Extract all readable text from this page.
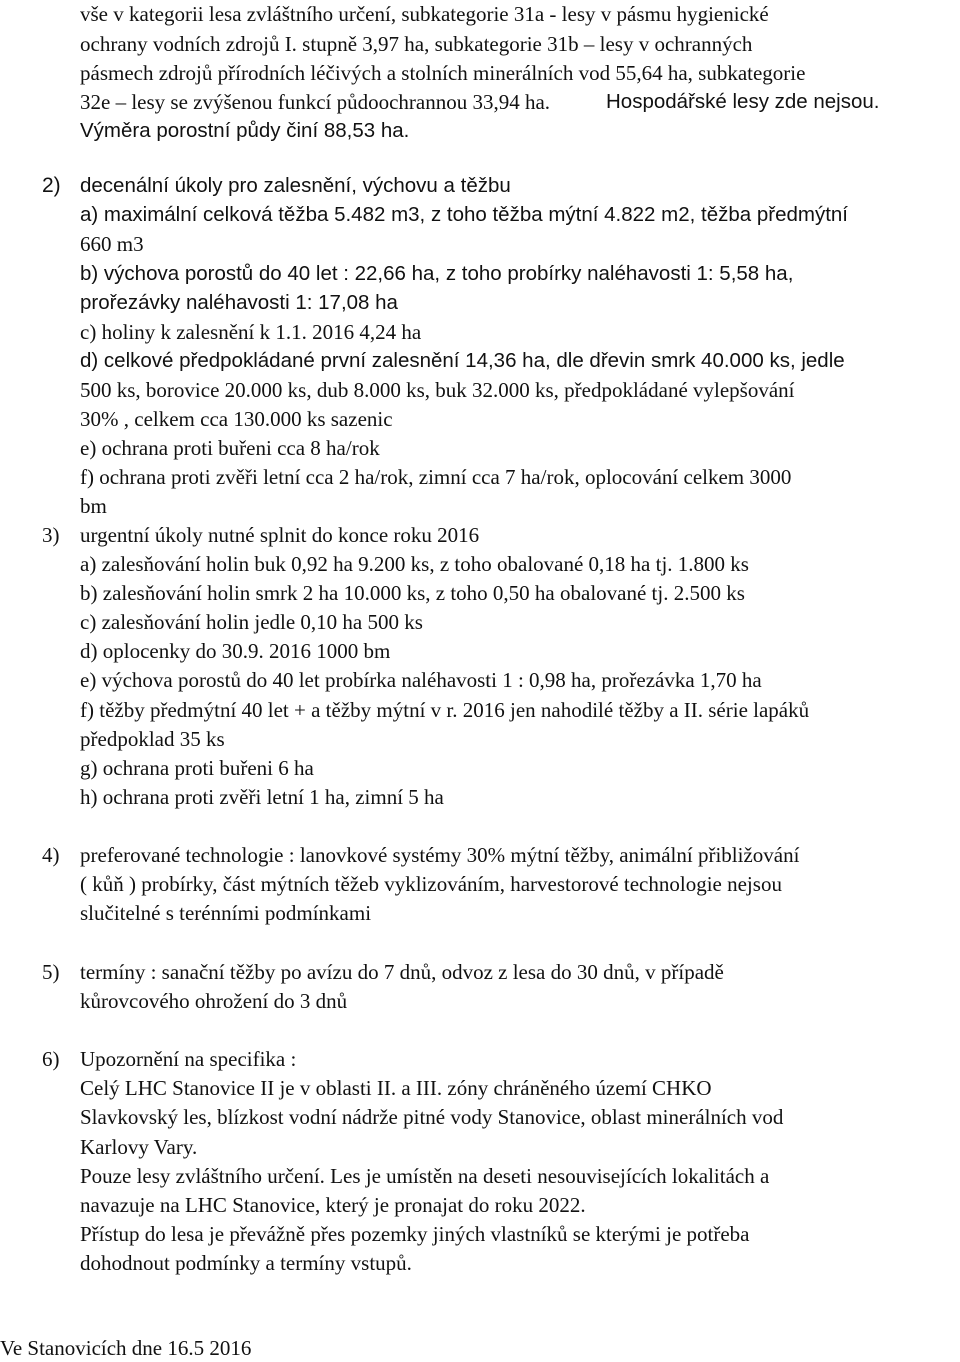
vše v kategorii lesa zvláštního určení, subkategorie 31a - lesy v pásmu hygienické
ochrany vodních zdrojů I. stupně 3,97 ha, subkategorie 31b – lesy v ochranných
pásmech zdrojů přírodních léčivých a stolních minerálních vod 55,64 ha, subkategorie
32e – lesy se zvýšenou funkcí půdoochrannou 33,94 ha.	Hospodářské lesy zde nejsou.
Výměra porostní půdy činí 88,53 ha.
2) decenální úkoly pro zalesnění, výchovu a těžbu
a) maximální celková těžba 5.482 m3, z toho těžba mýtní 4.822 m2, těžba předmýtní
660 m3
b) výchova porostů do 40 let : 22,66 ha, z toho probírky naléhavosti 1: 5,58 ha,
prořezávky naléhavosti 1: 17,08 ha
c) holiny k zalesnění k 1.1. 2016 4,24 ha
d) celkové předpokládané první zalesnění 14,36 ha, dle dřevin smrk 40.000 ks, jedle
500 ks, borovice 20.000 ks, dub 8.000 ks, buk 32.000 ks, předpokládané vylepšování
30% , celkem cca 130.000 ks sazenic
e) ochrana proti buřeni cca 8 ha/rok
f) ochrana proti zvěři letní cca 2 ha/rok, zimní cca 7 ha/rok, oplocování celkem 3000
bm
3) urgentní úkoly nutné splnit do konce roku 2016
a) zalesňování holin buk 0,92 ha 9.200 ks, z toho obalované 0,18 ha tj. 1.800 ks
b) zalesňování holin smrk 2 ha 10.000 ks, z toho 0,50 ha obalované tj. 2.500 ks
c) zalesňování holin jedle 0,10 ha 500 ks
d) oplocenky do 30.9. 2016 1000 bm
e) výchova porostů do 40 let probírka naléhavosti 1 : 0,98 ha, prořezávka 1,70 ha
f) těžby předmýtní 40 let + a těžby mýtní v r. 2016 jen nahodilé těžby a II. série lapáků
předpoklad 35 ks
g) ochrana proti buřeni 6 ha
h) ochrana proti zvěři letní 1 ha, zimní 5 ha
4) preferované technologie : lanovkové systémy 30% mýtní těžby, animální přibližování
( kůň ) probírky, část mýtních těžeb vyklizováním, harvestorové technologie nejsou
slučitelné s terénními podmínkami
5) termíny : sanační těžby po avízu do 7 dnů, odvoz z lesa do 30 dnů, v případě
kůrovcového ohrožení do 3 dnů
6) Upozornění na specifika :
Celý LHC Stanovice II je v oblasti II. a III. zóny chráněného území CHKO
Slavkovský les, blízkost vodní nádrže pitné vody Stanovice, oblast minerálních vod
Karlovy Vary.
Pouze lesy zvláštního určení. Les je umístěn na deseti nesouvisejících lokalitách a
navazuje na LHC Stanovice, který je pronajat do roku 2022.
Přístup do lesa je převážně přes pozemky jiných vlastníků se kterými je potřeba
dohodnout podmínky a termíny vstupů.
Ve Stanovicích dne 16.5 2016
